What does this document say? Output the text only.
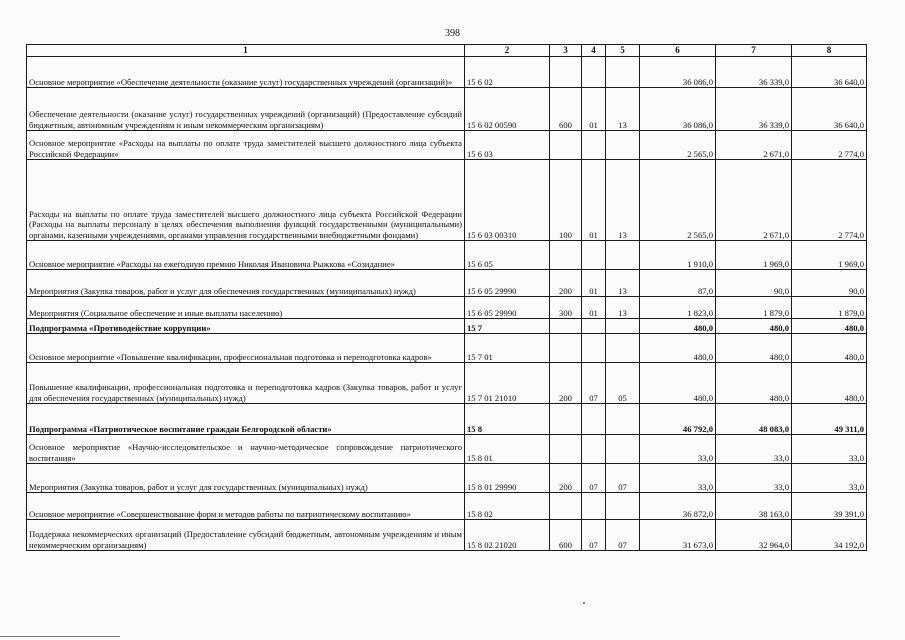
398
1	2	3	4	5	6	7	8
Основное мероприятие «Обеспечение деятельности (оказание услуг) государственных учреждений (организаций)»	15 6 02				36 086,0	36 339,0	36 640,0
Обеспечение деятельности (оказание услуг) государственных учреждений (организаций) (Предоставление субсидий бюджетным, автономным учреждениям и иным некоммерческим организациям)	15 6 02 00590	600	01	13	36 086,0	36 339,0	36 640,0
Основное мероприятие «Расходы на выплаты по оплате труда заместителей высшего должностного лица субъекта Российской Федерации»	15 6 03				2 565,0	2 671,0	2 774,0
Расходы на выплаты по оплате труда заместителей высшего должностного лица субъекта Российской Федерации (Расходы на выплаты персоналу в целях обеспечения выполнения функций государственными (муниципальными) органами, казенными учреждениями, органами управления государственными внебюджетными фондами)	15 6 03 00310	100	01	13	2 565,0	2 671,0	2 774,0
Основное мероприятие «Расходы на ежегодную премию Николая Ивановича Рыжкова «Созидание»	15 6 05				1 910,0	1 969,0	1 969,0
Мероприятия (Закупка товаров, работ и услуг для обеспечения государственных (муниципальных) нужд)	15 6 05 29990	200	01	13	87,0	90,0	90,0
Мероприятия (Социальное обеспечение и иные выплаты населению)	15 6 05 29990	300	01	13	1 823,0	1 879,0	1 879,0
Подпрограмма «Противодействие коррупции»	15 7				480,0	480,0	480,0
Основное мероприятие «Повышение квалификации, профессиональная подготовка и переподготовка кадров»	15 7 01				480,0	480,0	480,0
Повышение квалификации, профессиональная подготовка и переподготовка кадров (Закупка товаров, работ и услуг для обеспечения государственных (муниципальных) нужд)	15 7 01 21010	200	07	05	480,0	480,0	480,0
Подпрограмма «Патриотическое воспитание граждан Белгородской области»	15 8				46 792,0	48 083,0	49 311,0
Основное мероприятие «Научно-исследовательское и научно-методическое сопровождение патриотического воспитания»	15 8 01				33,0	33,0	33,0
Мероприятия (Закупка товаров, работ и услуг для государственных (муниципальных) нужд)	15 8 01 29990	200	07	07	33,0	33,0	33,0
Основное мероприятие «Совершенствование форм и методов работы по патриотическому воспитанию»	15 8 02				36 872,0	38 163,0	39 391,0
Поддержка некоммерческих организаций (Предоставление субсидий бюджетным, автономным учреждениям и иным некоммерческим организациям)	15 8 02 21020	600	07	07	31 673,0	32 964,0	34 192,0
